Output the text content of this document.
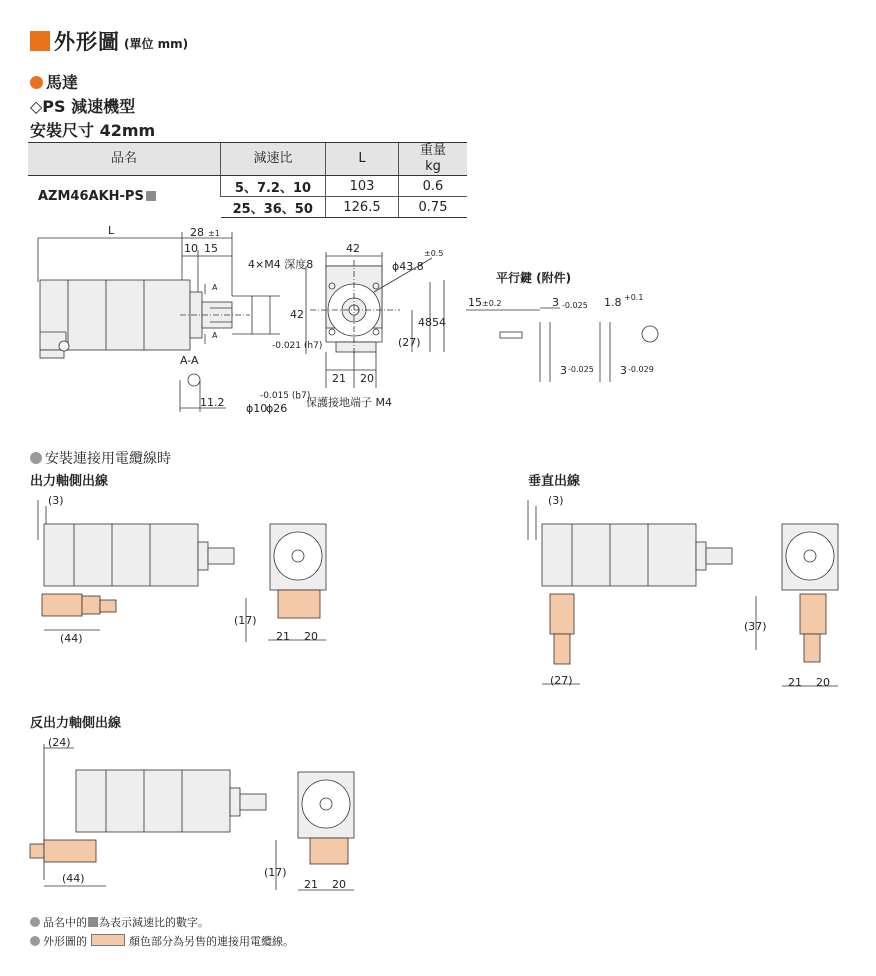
外形圖 (單位 mm)
馬達
◇PS 減速機型
安裝尺寸 42mm
品名	減速比	L	重量
kg
AZM46AKH-PS	5、7.2、10	103	0.6
	25、36、50	126.5	0.75
L	28 ±1
10 15
4×M4 深度8
42
42
ϕ43.8
±0.5
(27)
48 54
21 20
保護接地端子 M4
A-A
A
A
11.2 ϕ10
-0.015 (h7)
ϕ26
-0.021 (h7)
平行鍵 (附件)
15 ±0.2	3 -0.025 1.8 +0.1
3 -0.025 3 -0.029
安裝連接用電纜線時
出力軸側出線	垂直出線
反出力軸側出線
(3)
(44)
(17)
21 20
(3)
(27)
(37)
21 20
(24)
(44)	(17)
21 20
品名中的 為表示減速比的數字。
外形圖的	顏色部分為另售的連接用電纜線。
